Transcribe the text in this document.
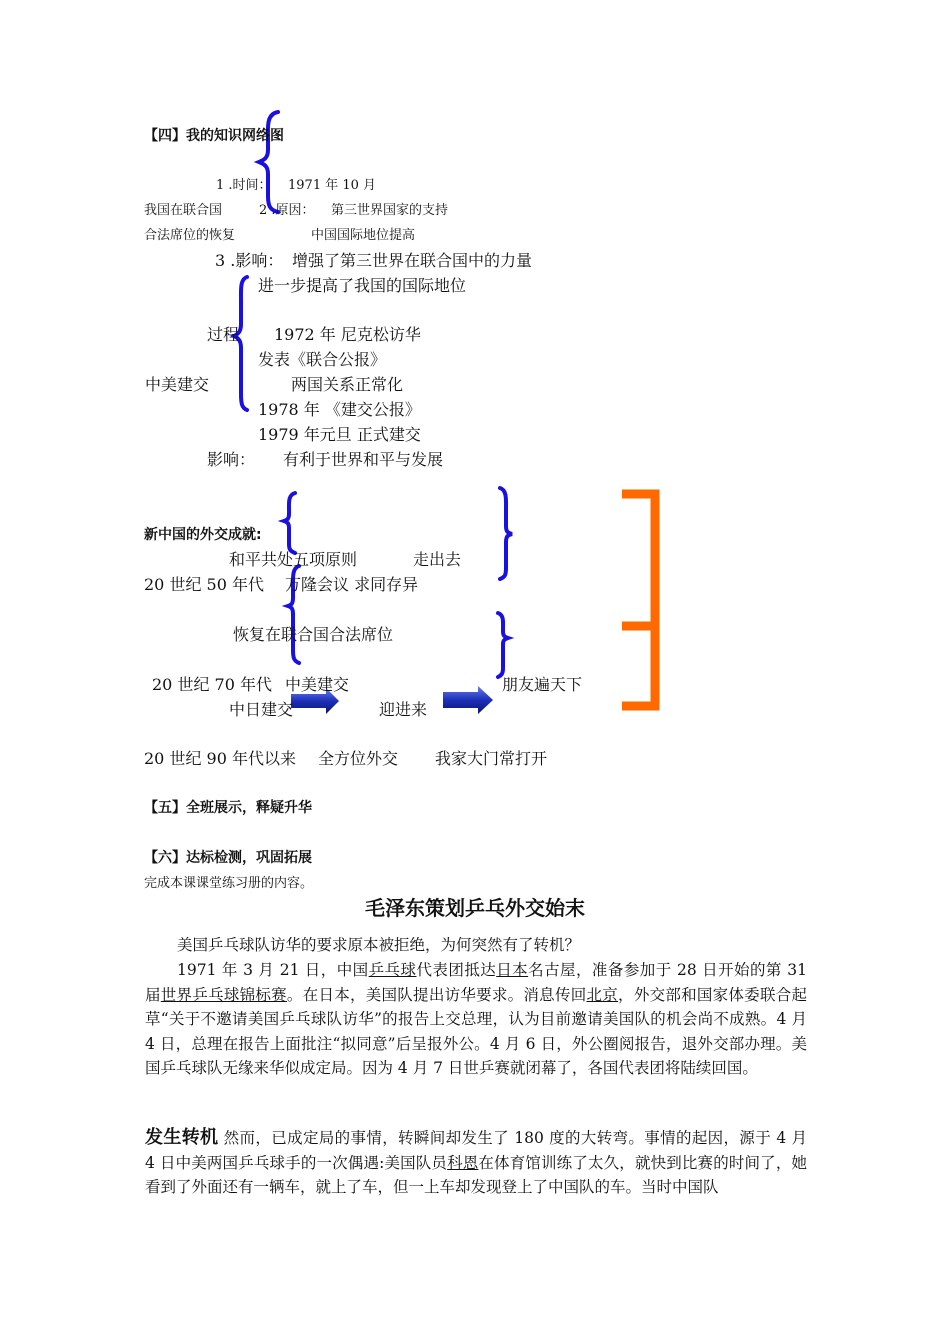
【四】我的知识网络图
1 .时间： 1971 年 10 月
我国在联合国	2 .原因： 第三世界国家的支持
合法席位的恢复	中国国际地位提高
3 .影响： 增强了第三世界在联合国中的力量
进一步提高了我国的国际地位
过程 1972 年 尼克松访华
发表《联合公报》
中美建交	两国关系正常化
1978 年 《建交公报》
1979 年元旦 正式建交
影响： 有利于世界和平与发展
新中国的外交成就:
和平共处五项原则	走出去
20 世纪 50 年代 万隆会议 求同存异
恢复在联合国合法席位
20 世纪 70 年代 中美建交	朋友遍天下
中日建交	迎进来
20 世纪 90 年代以来 全方位外交 我家大门常打开
【五】全班展示，释疑升华
【六】达标检测，巩固拓展
完成本课课堂练习册的内容。
毛泽东策划乒乓外交始末
美国乒乓球队访华的要求原本被拒绝，为何突然有了转机？
1971 年 3 月 21 日，中国乒乓球代表团抵达日本名古屋，准备参加于 28 日开始的第 31 届世界乒乓球锦标赛。在日本，美国队提出访华要求。消息传回北京，外交部和国家体委联合起草“关于不邀请美国乒乓球队访华”的报告上交总理，认为目前邀请美国队的机会尚不成熟。4 月 4 日，总理在报告上面批注“拟同意”后呈报外公。4 月 6 日，外公圈阅报告，退外交部办理。美国乒乓球队无缘来华似成定局。因为 4 月 7 日世乒赛就闭幕了，各国代表团将陆续回国。
发生转机 然而，已成定局的事情，转瞬间却发生了 180 度的大转弯。事情的起因，源于 4 月 4 日中美两国乒乓球手的一次偶遇:美国队员科恩在体育馆训练了太久，就快到比赛的时间了，她看到了外面还有一辆车，就上了车，但一上车却发现登上了中国队的车。当时中国队
